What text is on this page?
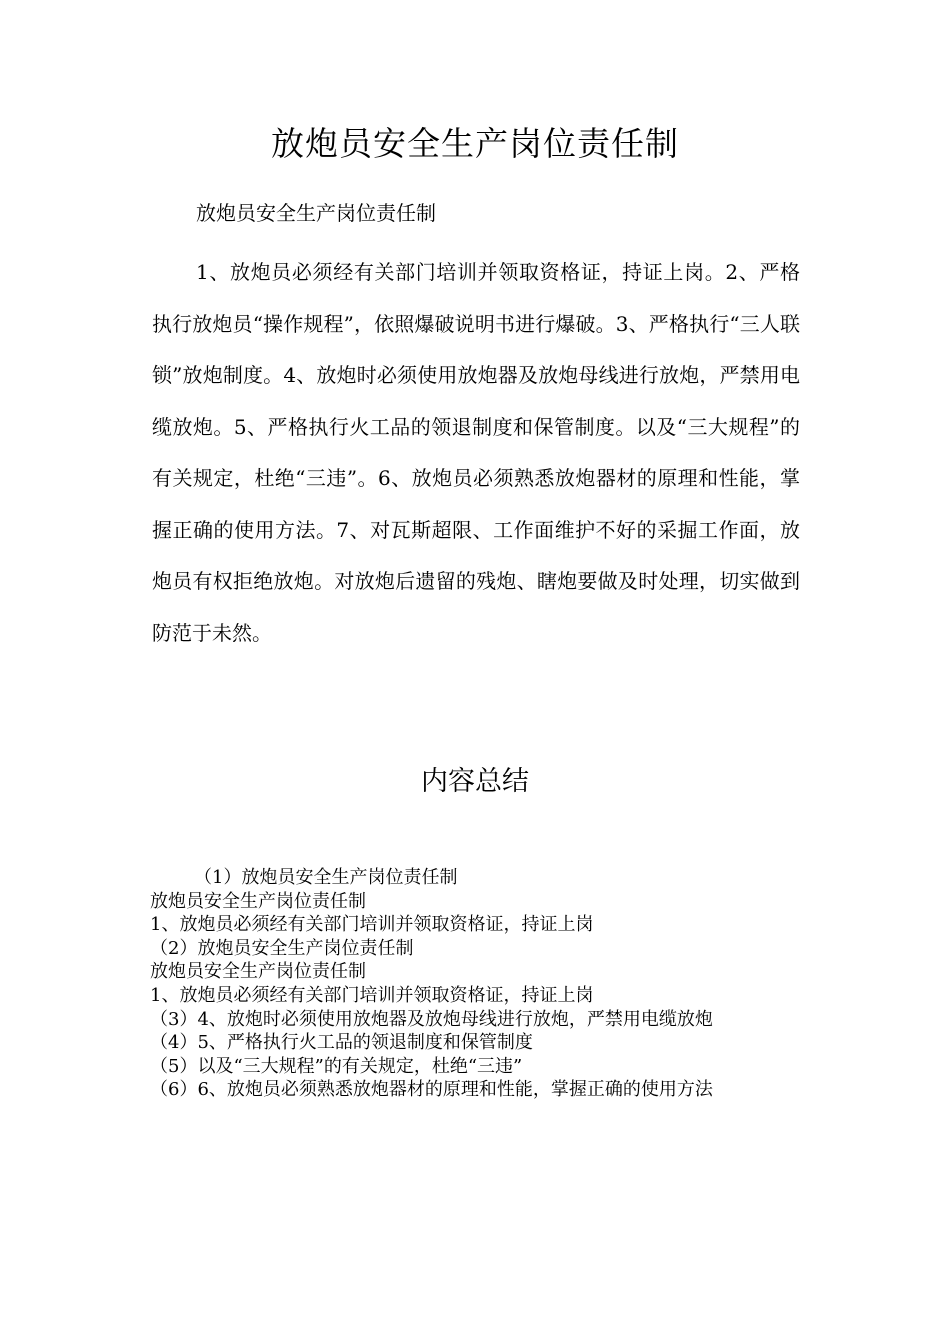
放炮员安全生产岗位责任制
放炮员安全生产岗位责任制

1、放炮员必须经有关部门培训并领取资格证，持证上岗。2、严格执行放炮员“操作规程”，依照爆破说明书进行爆破。3、严格执行“三人联锁”放炮制度。4、放炮时必须使用放炮器及放炮母线进行放炮，严禁用电缆放炮。5、严格执行火工品的领退制度和保管制度。以及“三大规程”的有关规定，杜绝“三违”。6、放炮员必须熟悉放炮器材的原理和性能，掌握正确的使用方法。7、对瓦斯超限、工作面维护不好的采掘工作面，放炮员有权拒绝放炮。对放炮后遗留的残炮、瞎炮要做及时处理，切实做到防范于未然。

内容总结
（1）放炮员安全生产岗位责任制
放炮员安全生产岗位责任制
1、放炮员必须经有关部门培训并领取资格证，持证上岗
（2）放炮员安全生产岗位责任制
放炮员安全生产岗位责任制
1、放炮员必须经有关部门培训并领取资格证，持证上岗
（3）4、放炮时必须使用放炮器及放炮母线进行放炮，严禁用电缆放炮
（4）5、严格执行火工品的领退制度和保管制度
（5）以及“三大规程”的有关规定，杜绝“三违”
（6）6、放炮员必须熟悉放炮器材的原理和性能，掌握正确的使用方法
